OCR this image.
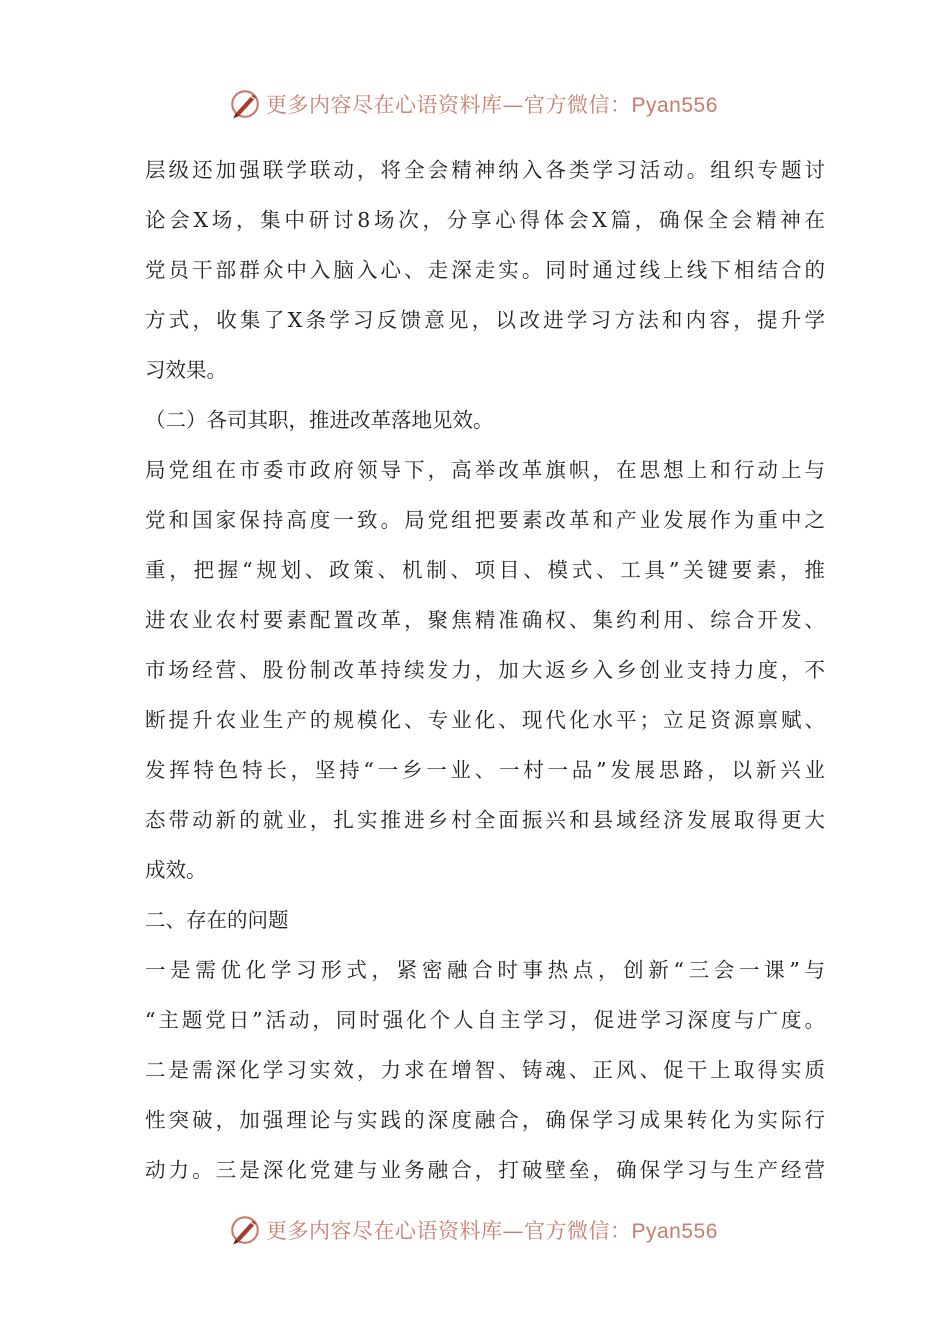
更多内容尽在心语资料库—官方微信：Pyan556
层级还加强联学联动，将全会精神纳入各类学习活动。组织专题讨
论会X场，集中研讨8场次，分享心得体会X篇，确保全会精神在
党员干部群众中入脑入心、走深走实。同时通过线上线下相结合的
方式，收集了X条学习反馈意见，以改进学习方法和内容，提升学
习效果。
（二）各司其职，推进改革落地见效。
局党组在市委市政府领导下，高举改革旗帜，在思想上和行动上与
党和国家保持高度一致。局党组把要素改革和产业发展作为重中之
重，把握“规划、政策、机制、项目、模式、工具”关键要素，推
进农业农村要素配置改革，聚焦精准确权、集约利用、综合开发、
市场经营、股份制改革持续发力，加大返乡入乡创业支持力度，不
断提升农业生产的规模化、专业化、现代化水平；立足资源禀赋、
发挥特色特长，坚持“一乡一业、一村一品”发展思路，以新兴业
态带动新的就业，扎实推进乡村全面振兴和县域经济发展取得更大
成效。
二、存在的问题
一是需优化学习形式，紧密融合时事热点，创新“三会一课”与
“主题党日”活动，同时强化个人自主学习，促进学习深度与广度。
二是需深化学习实效，力求在增智、铸魂、正风、促干上取得实质
性突破，加强理论与实践的深度融合，确保学习成果转化为实际行
动力。三是深化党建与业务融合，打破壁垒，确保学习与生产经营
更多内容尽在心语资料库—官方微信：Pyan556
